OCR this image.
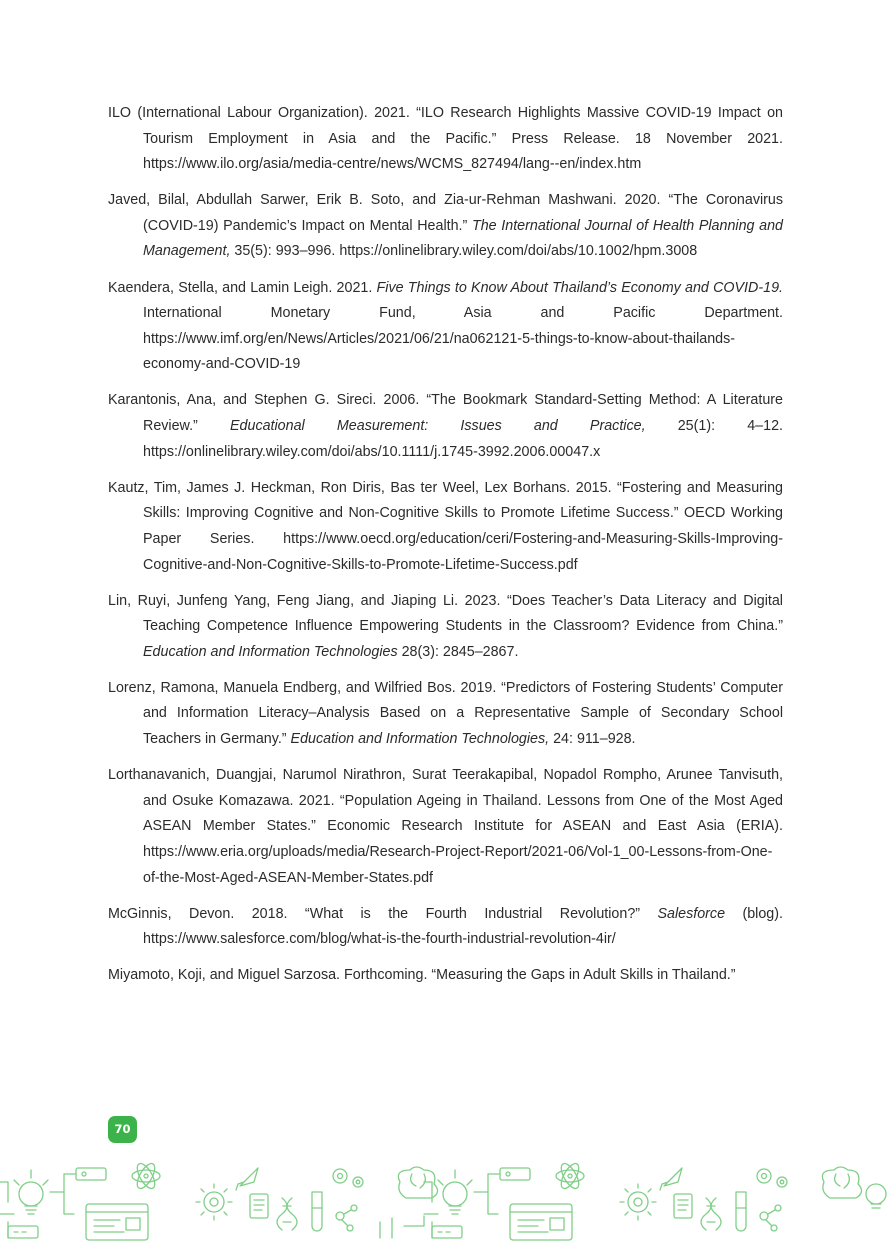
ILO (International Labour Organization). 2021. “ILO Research Highlights Massive COVID-19 Impact on Tourism Employment in Asia and the Pacific.” Press Release. 18 November 2021. https://www.ilo.org/asia/media-centre/news/WCMS_827494/lang--en/index.htm

Javed, Bilal, Abdullah Sarwer, Erik B. Soto, and Zia-ur-Rehman Mashwani. 2020. “The Coronavirus (COVID-19) Pandemic’s Impact on Mental Health.” The International Journal of Health Planning and Management, 35(5): 993–996. https://onlinelibrary.wiley.com/doi/abs/10.1002/hpm.3008

Kaendera, Stella, and Lamin Leigh. 2021. Five Things to Know About Thailand’s Economy and COVID-19. International Monetary Fund, Asia and Pacific Department. https://www.imf.org/en/News/Articles/2021/06/21/na062121-5-things-to-know-about-thailands-economy-and-COVID-19

Karantonis, Ana, and Stephen G. Sireci. 2006. “The Bookmark Standard-Setting Method: A Literature Review.” Educational Measurement: Issues and Practice, 25(1): 4–12. https://onlinelibrary.wiley.com/doi/abs/10.1111/j.1745-3992.2006.00047.x

Kautz, Tim, James J. Heckman, Ron Diris, Bas ter Weel, Lex Borhans. 2015. “Fostering and Measuring Skills: Improving Cognitive and Non-Cognitive Skills to Promote Lifetime Success.” OECD Working Paper Series. https://www.oecd.org/education/ceri/Fostering-and-Measuring-Skills-Improving-Cognitive-and-Non-Cognitive-Skills-to-Promote-Lifetime-Success.pdf

Lin, Ruyi, Junfeng Yang, Feng Jiang, and Jiaping Li. 2023. “Does Teacher’s Data Literacy and Digital Teaching Competence Influence Empowering Students in the Classroom? Evidence from China.” Education and Information Technologies 28(3): 2845–2867.

Lorenz, Ramona, Manuela Endberg, and Wilfried Bos. 2019. “Predictors of Fostering Students’ Computer and Information Literacy–Analysis Based on a Representative Sample of Secondary School Teachers in Germany.” Education and Information Technologies, 24: 911–928.

Lorthanavanich, Duangjai, Narumol Nirathron, Surat Teerakapibal, Nopadol Rompho, Arunee Tanvisuth, and Osuke Komazawa. 2021. “Population Ageing in Thailand. Lessons from One of the Most Aged ASEAN Member States.” Economic Research Institute for ASEAN and East Asia (ERIA). https://www.eria.org/uploads/media/Research-Project-Report/2021-06/Vol-1_00-Lessons-from-One-of-the-Most-Aged-ASEAN-Member-States.pdf

McGinnis, Devon. 2018. “What is the Fourth Industrial Revolution?” Salesforce (blog). https://www.salesforce.com/blog/what-is-the-fourth-industrial-revolution-4ir/

Miyamoto, Koji, and Miguel Sarzosa. Forthcoming. “Measuring the Gaps in Adult Skills in Thailand.”

70
